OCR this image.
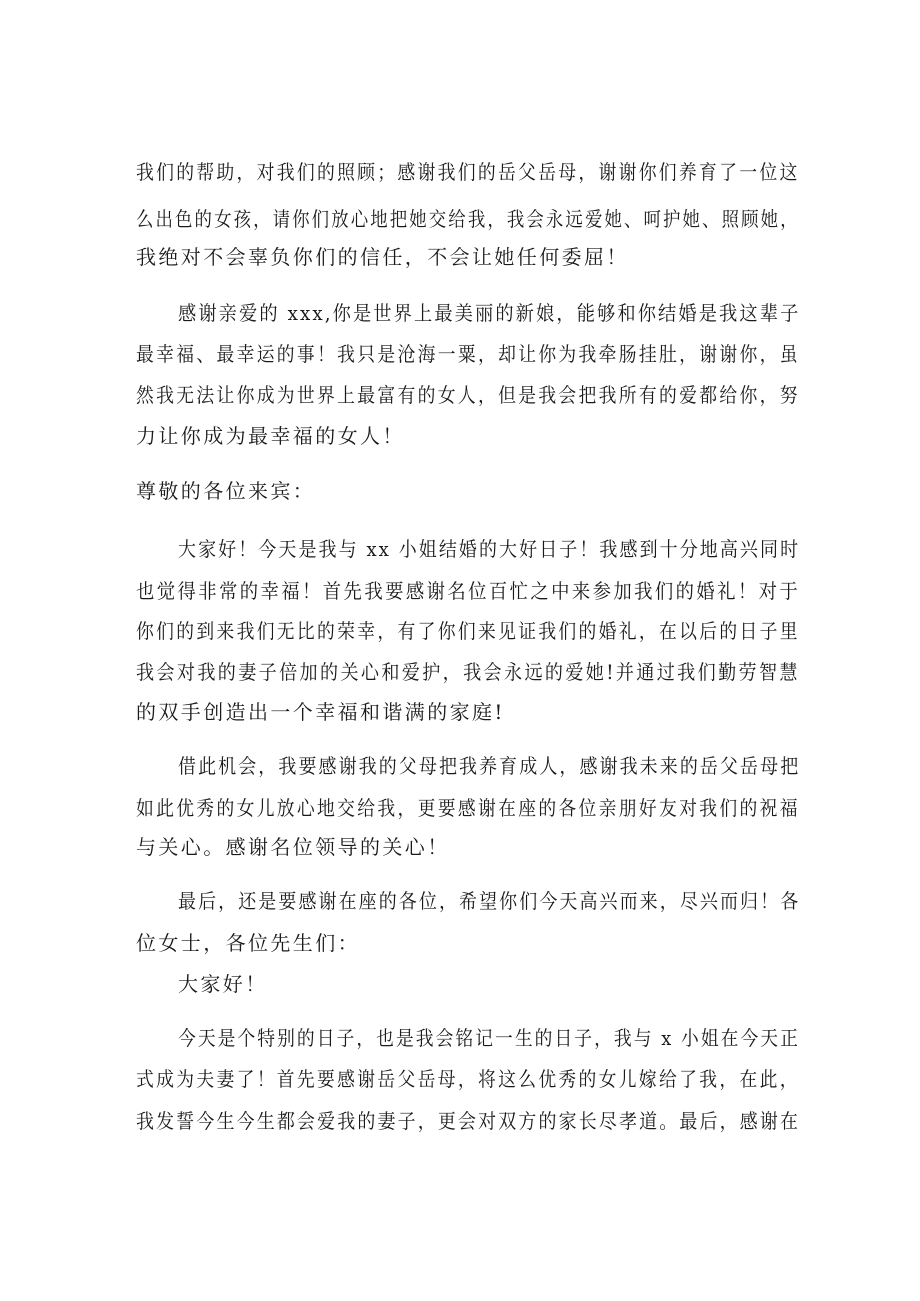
我们的帮助，对我们的照顾；感谢我们的岳父岳母，谢谢你们养育了一位这
么出色的女孩，请你们放心地把她交给我，我会永远爱她、呵护她、照顾她，
我绝对不会辜负你们的信任，不会让她任何委屈！
感谢亲爱的 xxx,你是世界上最美丽的新娘，能够和你结婚是我这辈子
最幸福、最幸运的事！我只是沧海一粟，却让你为我牵肠挂肚，谢谢你，虽
然我无法让你成为世界上最富有的女人，但是我会把我所有的爱都给你，努
力让你成为最幸福的女人！
尊敬的各位来宾：
大家好！今天是我与 xx 小姐结婚的大好日子！我感到十分地高兴同时
也觉得非常的幸福！首先我要感谢名位百忙之中来参加我们的婚礼！对于
你们的到来我们无比的荣幸，有了你们来见证我们的婚礼，在以后的日子里
我会对我的妻子倍加的关心和爱护，我会永远的爱她!并通过我们勤劳智慧
的双手创造出一个幸福和谐满的家庭!
借此机会，我要感谢我的父母把我养育成人，感谢我未来的岳父岳母把
如此优秀的女儿放心地交给我，更要感谢在座的各位亲朋好友对我们的祝福
与关心。感谢名位领导的关心！
最后，还是要感谢在座的各位，希望你们今天高兴而来，尽兴而归！各
位女士，各位先生们：
大家好！
今天是个特别的日子，也是我会铭记一生的日子，我与 x 小姐在今天正
式成为夫妻了！首先要感谢岳父岳母，将这么优秀的女儿嫁给了我，在此，
我发誓今生今生都会爱我的妻子，更会对双方的家长尽孝道。最后，感谢在
